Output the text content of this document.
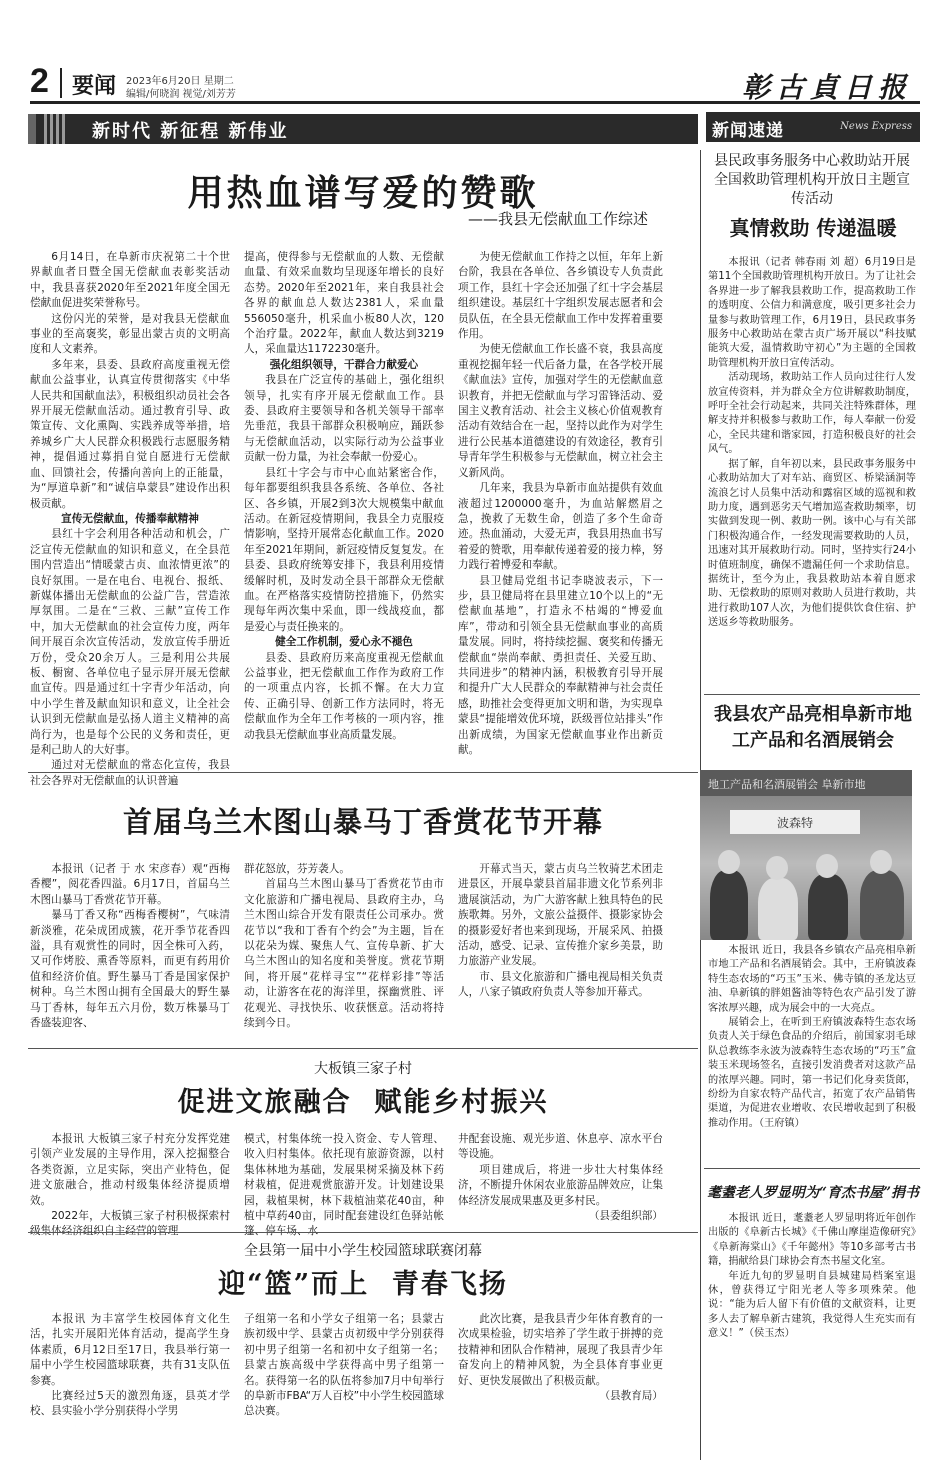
2 要闻 2023年6月20日 星期二
编辑/何晓润 视觉/刘芳芳	彰古貞日报
新时代 新征程 新伟业
用热血谱写爱的赞歌
——我县无偿献血工作综述

6月14日，在阜新市庆祝第二十个世界献血者日暨全国无偿献血表彰奖活动中，我县喜获2020年至2021年度全国无偿献血促进奖荣誉称号。

这份闪光的荣誉，是对我县无偿献血事业的至高褒奖，彰显出蒙古贞的文明高度和人文素养。

多年来，县委、县政府高度重视无偿献血公益事业，认真宣传贯彻落实《中华人民共和国献血法》，积极组织动员社会各界开展无偿献血活动。通过教育引导、政策宣传、文化熏陶、实践养成等举措，培养城乡广大人民群众积极践行志愿服务精神，提倡通过募捐自觉自愿进行无偿献血、回馈社会，传播向善向上的正能量，为“厚道阜新”和“诚信阜蒙县”建设作出积极贡献。

宣传无偿献血，传播奉献精神

县红十字会利用各种活动和机会，广泛宣传无偿献血的知识和意义，在全县范围内营造出“情暖蒙古贞、血浓情更浓”的良好氛围。一是在电台、电视台、报纸、新媒体播出无偿献血的公益广告，营造浓厚氛围。二是在“三救、三献”宣传工作中，加大无偿献血的社会宣传力度，两年间开展百余次宣传活动，发放宣传手册近万份，受众20余万人。三是利用公共展板、橱窗、各单位电子显示屏开展无偿献血宣传。四是通过红十字青少年活动，向中小学生普及献血知识和意义，让全社会认识到无偿献血是弘扬人道主义精神的高尚行为，也是每个公民的义务和责任，更是利己助人的大好事。

通过对无偿献血的常态化宣传，我县社会各界对无偿献血的认识普遍

提高，使得参与无偿献血的人数、无偿献血量、有效采血数均呈现逐年增长的良好态势。2020年至2021年，来自我县社会各界的献血总人数达2381人，采血量556050毫升，机采血小板80人次，120个治疗量。2022年，献血人数达到3219人，采血量达1172230毫升。

强化组织领导，干群合力献爱心

我县在广泛宣传的基础上，强化组织领导，扎实有序开展无偿献血工作。县委、县政府主要领导和各机关领导干部率先垂范，我县干部群众积极响应，踊跃参与无偿献血活动，以实际行动为公益事业贡献一份力量，为社会奉献一份爱心。

县红十字会与市中心血站紧密合作，每年都要组织我县各系统、各单位、各社区、各乡镇，开展2到3次大规模集中献血活动。在新冠疫情期间，我县全力克服疫情影响，坚持开展常态化献血工作。2020年至2021年期间，新冠疫情反复复发。在县委、县政府统筹安排下，我县利用疫情缓解时机，及时发动全县干部群众无偿献血。在严格落实疫情防控措施下，仍然实现每年两次集中采血，即一线战疫血，都是爱心与责任换来的。

健全工作机制，爱心永不褪色

县委、县政府历来高度重视无偿献血公益事业，把无偿献血工作作为政府工作的一项重点内容，长抓不懈。在大力宣传、正确引导、创新工作方法同时，将无偿献血作为全年工作考核的一项内容，推动我县无偿献血事业高质量发展。

为使无偿献血工作持之以恒，年年上新台阶，我县在各单位、各乡镇设专人负责此项工作，县红十字会还加强了红十字会基层组织建设。基层红十字组织发展志愿者和会员队伍，在全县无偿献血工作中发挥着重要作用。

为使无偿献血工作长盛不衰，我县高度重视挖掘年轻一代后备力量，在各学校开展《献血法》宣传，加强对学生的无偿献血意识教育，并把无偿献血与学习雷锋活动、爱国主义教育活动、社会主义核心价值观教育活动有效结合在一起，坚持以此作为对学生进行公民基本道德建设的有效途径，教育引导青年学生积极参与无偿献血，树立社会主义新风尚。

几年来，我县为阜新市血站提供有效血液超过1200000毫升，为血站解燃眉之急，挽救了无数生命，创造了多个生命奇迹。热血涌动，大爱无声，我县用热血书写着爱的赞歌，用奉献传递着爱的接力棒，努力践行着博爱和奉献。

县卫健局党组书记李晓波表示，下一步，县卫健局将在县里建立10个以上的“无偿献血基地”，打造永不枯竭的“博爱血库”，带动和引领全县无偿献血事业的高质量发展。同时，将持续挖掘、褒奖和传播无偿献血“崇尚奉献、勇担责任、关爱互助、共同进步”的精神内涵，积极教育引导开展和提升广大人民群众的奉献精神与社会责任感，助推社会变得更加文明和谐，为实现阜蒙县“提能增效优环境，跃级晋位站排头”作出新成绩，为国家无偿献血事业作出新贡献。

首届乌兰木图山暴马丁香赏花节开幕

本报讯（记者 于 水 宋彦春）观“西梅香樱”，阅花香四溢。6月17日，首届乌兰木图山暴马丁香赏花节开幕。

暴马丁香又称“西梅香樱树”，气味清新淡雅，花朵成团成簇，花开季节花香四溢，具有观赏性的同时，因全株可入药，又可作烤胶、熏香等原料，而更有药用价值和经济价值。野生暴马丁香是国家保护树种。乌兰木图山拥有全国最大的野生暴马丁香林，每年五六月份，数万株暴马丁香盛装迎客、

群花怒放，芬芳袭人。

首届乌兰木图山暴马丁香赏花节由市文化旅游和广播电视局、县政府主办，乌兰木图山综合开发有限责任公司承办。赏花节以“我和丁香有个约会”为主题，旨在以花朵为媒、聚焦人气、宣传阜新、扩大乌兰木图山的知名度和美誉度。赏花节期间，将开展“花样寻宝”“花样彩排”等活动，让游客在花的海洋里，探幽赏胜、评花观光、寻找快乐、收获惬意。活动将持续到今日。

开幕式当天，蒙古贞乌兰牧骑艺术团走进景区，开展阜蒙县首届非遗文化节系列非遗展演活动，为广大游客献上独具特色的民族歌舞。另外，文旅公益摄伴、摄影家协会的摄影爱好者也来到现场，开展采风、拍摄活动，感受、记录、宣传推介家乡美景，助力旅游产业发展。

市、县文化旅游和广播电视局相关负责人，八家子镇政府负责人等参加开幕式。

大板镇三家子村
促进文旅融合  赋能乡村振兴

本报讯 大板镇三家子村充分发挥党建引领产业发展的主导作用，深入挖掘整合各类资源，立足实际，突出产业特色，促进文旅融合，推动村级集体经济提质增效。

2022年，大板镇三家子村积极探索村

模式，村集体统一投入资金、专人管理、收入归村集体。依托现有旅游资源，以村集体林地为基础，发展果树采摘及林下药材栽植，促进观赏旅游开发。计划建设果园，栽植果树，林下栽植油菜花40亩，种植中草药40亩，同时配套建设红色驿站帐

井配套设施、观光步道、休息亭、凉水平台等设施。

项目建成后，将进一步壮大村集体经济，不断提升休闲农业旅游品牌效应，让集体经济发展成果惠及更多村民。

（县委组织部）

全县第一届中小学生校园篮球联赛闭幕
迎“篮”而上  青春飞扬

本报讯 为丰富学生校园体育文化生活，扎实开展阳光体育活动，提高学生身体素质，6月12日至17日，我县举行第一届中小学生校园篮球联赛，共有31支队伍参赛。

比赛经过5天的激烈角逐，县英才学校、县实验小学分别获得小学男

子组第一名和小学女子组第一名；县蒙古族初级中学、县蒙古贞初级中学分别获得初中男子组第一名和初中女子组第一名；县蒙古族高级中学获得高中男子组第一名。获得第一名的队伍将参加7月中旬举行的阜新市FBA“万人百校”中小学生校园篮球总决赛。

此次比赛，是我县青少年体育教育的一次成果检验，切实培养了学生敢于拼搏的竞技精神和团队合作精神，展现了我县青少年奋发向上的精神风貌，为全县体育事业更好、更快发展做出了积极贡献。

（县教育局）

新闻速递	News Express
县民政事务服务中心救助站开展全国救助管理机构开放日主题宣传活动
真情救助 传递温暖

本报讯（记者 韩春雨 刘 超）6月19日是第11个全国救助管理机构开放日。为了让社会各界进一步了解我县救助工作，提高救助工作的透明度、公信力和满意度，吸引更多社会力量参与救助管理工作，6月19日，县民政事务服务中心救助站在蒙古贞广场开展以“科技赋能筑大爱，温情救助守初心”为主题的全国救助管理机构开放日宣传活动。

活动现场，救助站工作人员向过往行人发放宣传资料，并为群众全方位讲解救助制度，呼吁全社会行动起来，共同关注特殊群体，理解支持并积极参与救助工作，每人奉献一份爱心，全民共建和谐家园，打造积极良好的社会风气。

据了解，自年初以来，县民政事务服务中心救助站加大了对车站、商贸区、桥梁涵洞等流浪乞讨人员集中活动和露宿区域的巡视和救助力度，遇到恶劣天气增加巡查救助频率，切实做到发现一例、救助一例。该中心与有关部门积极沟通合作，一经发现需要救助的人员，迅速对其开展救助行动。同时，坚持实行24小时值班制度，确保不遗漏任何一个求助信息。据统计，至今为止，我县救助站本着自愿求助、无偿救助的原则对救助人员进行救助，共进行救助107人次，为他们提供饮食住宿、护送返乡等救助服务。

我县农产品亮相阜新市地工产品和名酒展销会
地工产品和名酒展销会 阜新市地
波森特

本报讯 近日，我县各乡镇农产品亮相阜新市地工产品和名酒展销会。其中，王府镇波森特生态农场的“巧玉”玉米、佛寺镇的圣龙达豆油、阜新镇的胖姐酱油等特色农产品引发了游客浓厚兴趣，成为展会中的一大亮点。

展销会上，在听到王府镇波森特生态农场负责人关于绿色食品的介绍后，前国家羽毛球队总教练李永波为波森特生态农场的“巧玉”盒装玉米现场签名，直接引发消费者对这款产品的浓厚兴趣。同时，第一书记们化身卖货郎，纷纷为自家农特产品代言，拓宽了农产品销售渠道，为促进农业增收、农民增收起到了积极推动作用。（王府镇）

耄耋老人罗显明为“育杰书屋”捐书

本报讯 近日，耄耋老人罗显明将近年创作出版的《阜新古长城》《千佛山摩崖造像研究》《阜新海棠山》《千年懿州》等10多部考古书籍，捐献给县门球协会育杰书屋文化室。

年近九旬的罗显明自县城建局档案室退休，曾获得辽宁阳光老人等多项殊荣。他说：“能为后人留下有价值的文献资料，让更多人去了解阜新古建筑，我觉得人生充实而有意义！”（侯玉杰）
